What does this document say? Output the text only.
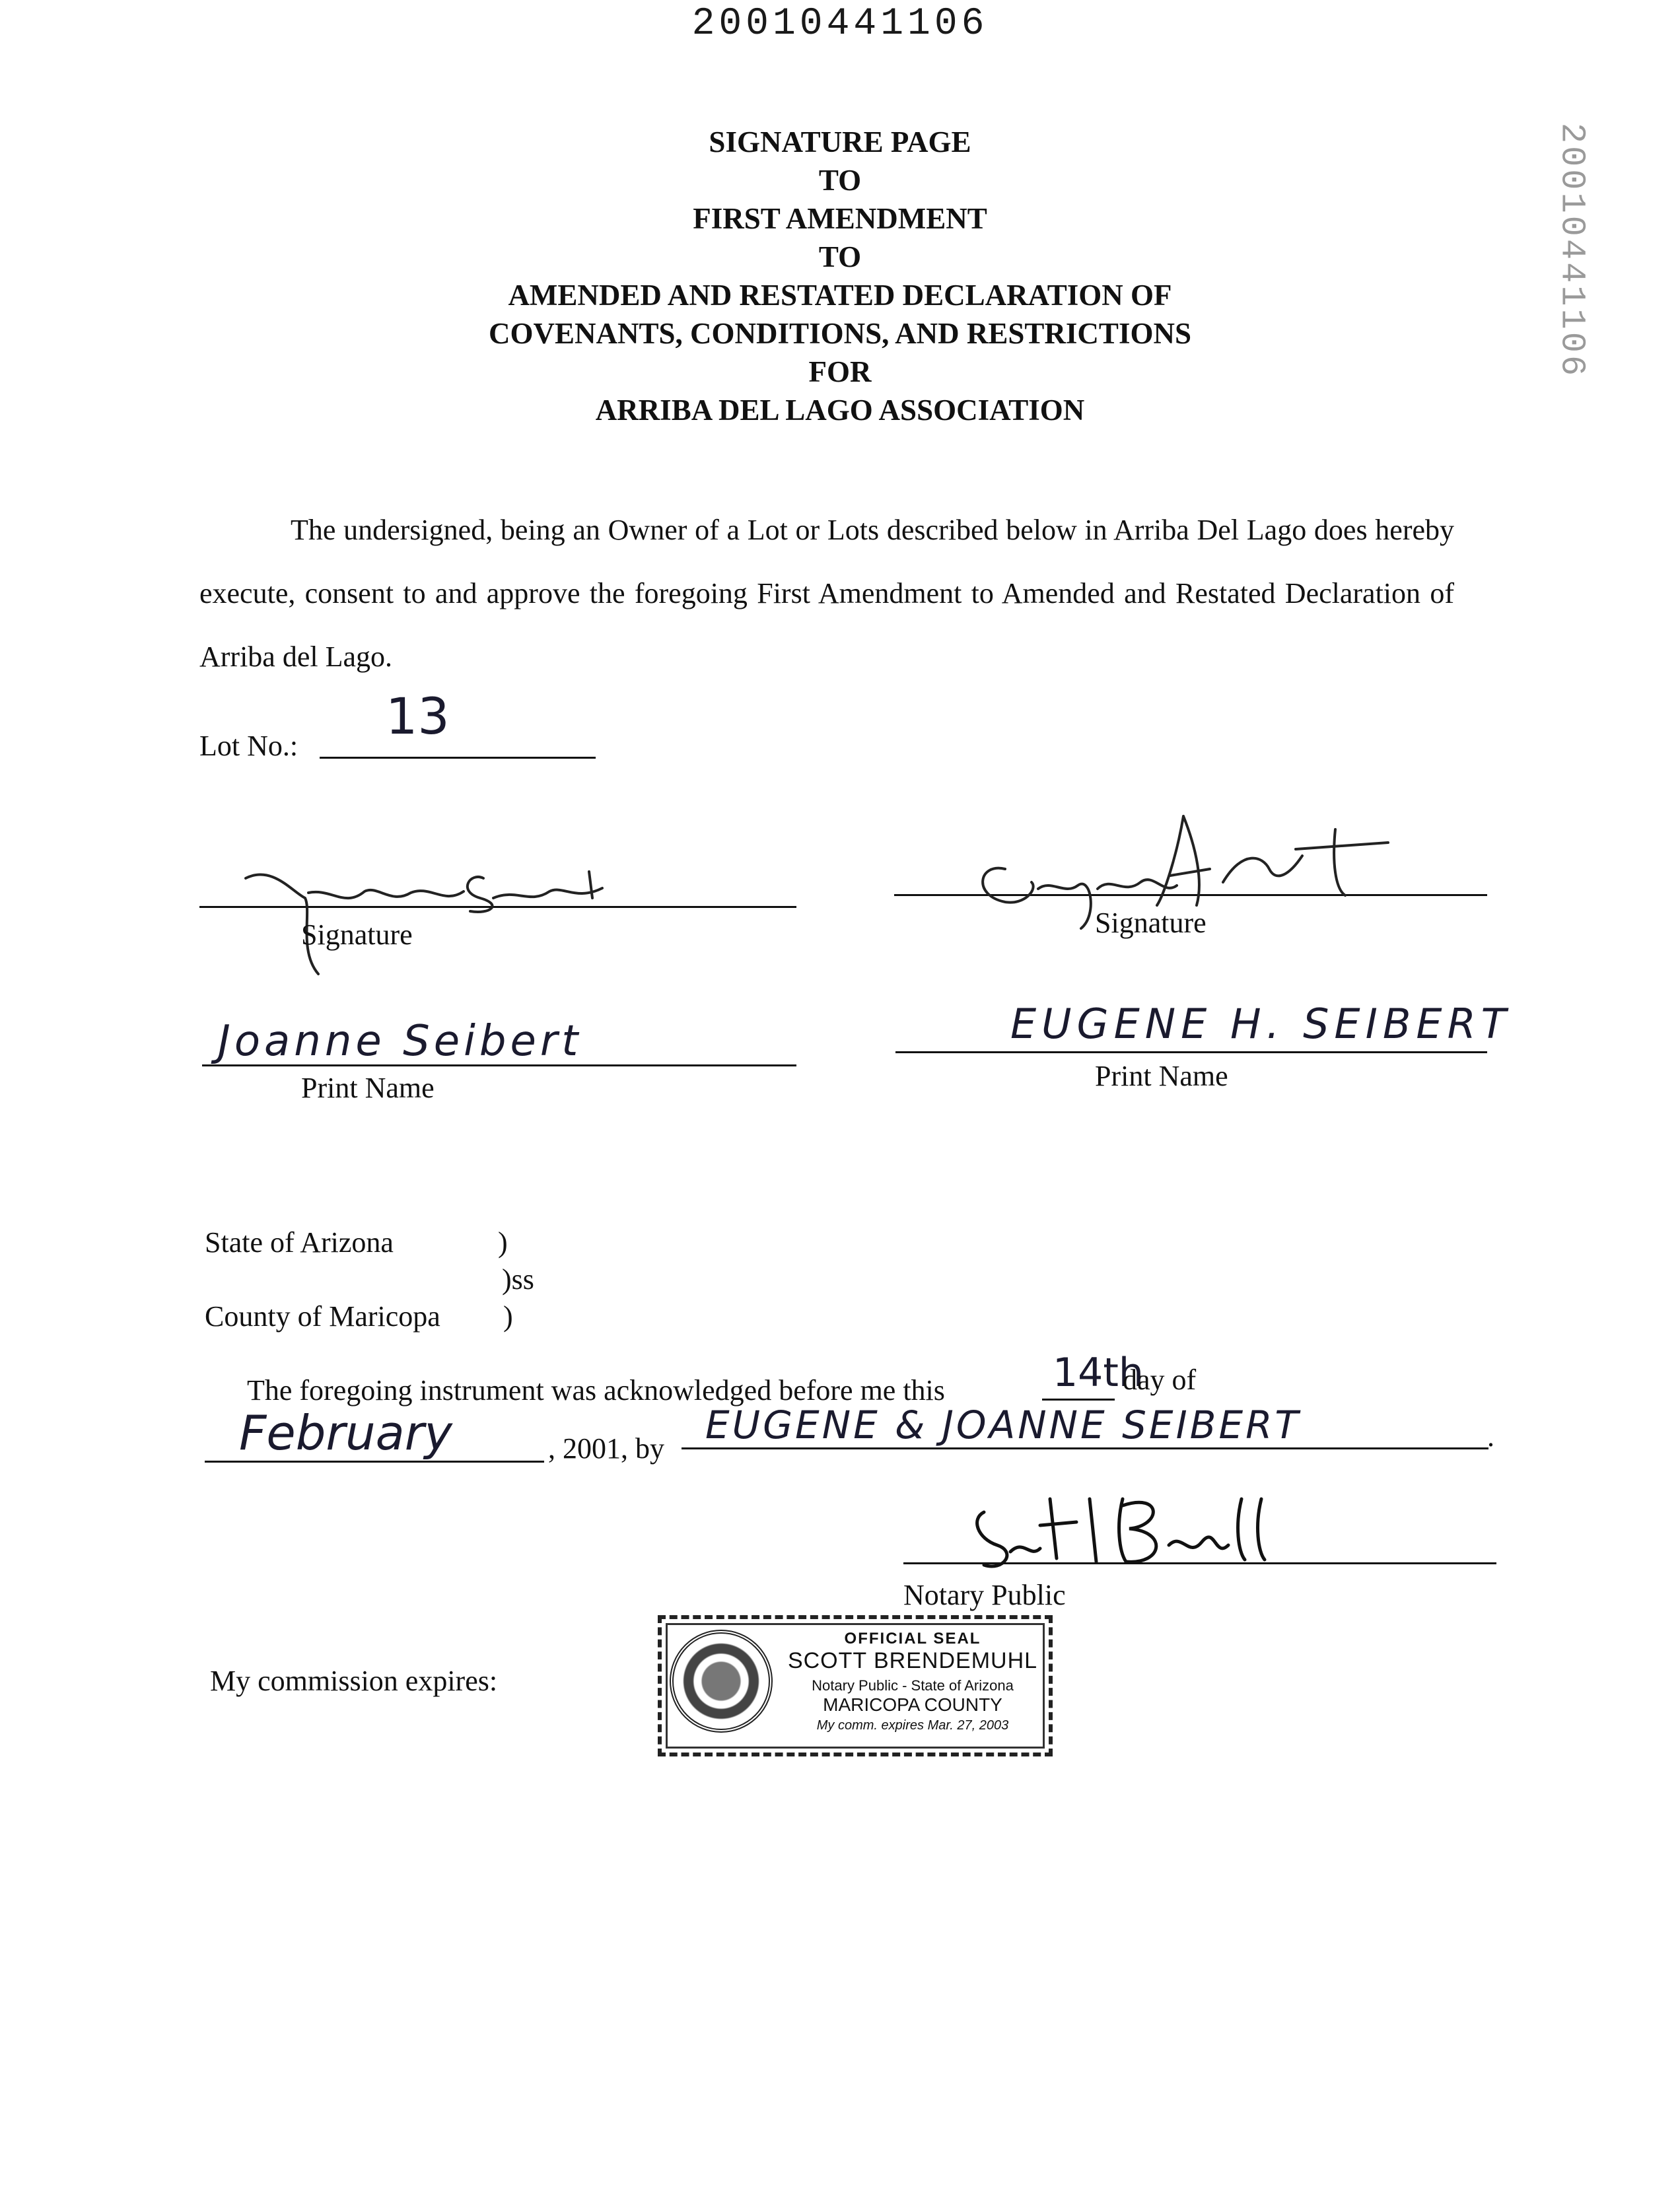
20010441106
20010441106
SIGNATURE PAGE
TO
FIRST AMENDMENT
TO
AMENDED AND RESTATED DECLARATION OF
COVENANTS, CONDITIONS, AND RESTRICTIONS
FOR
ARRIBA DEL LAGO ASSOCIATION
The undersigned, being an Owner of a Lot or Lots described below in Arriba Del Lago does hereby execute, consent to and approve the foregoing First Amendment to Amended and Restated Declaration of Arriba del Lago.
Lot No.:
13
Signature
Joanne Seibert
Print Name
Signature
EUGENE H. SEIBERT
Print Name
State of Arizona	)
)ss
County of Maricopa )
The foregoing instrument was acknowledged before me this	14th
day of
February	, 2001, by
EUGENE & JOANNE SEIBERT	.
Notary Public
My commission expires:
OFFICIAL SEAL
SCOTT BRENDEMUHL
Notary Public - State of Arizona
MARICOPA COUNTY
My comm. expires Mar. 27, 2003
